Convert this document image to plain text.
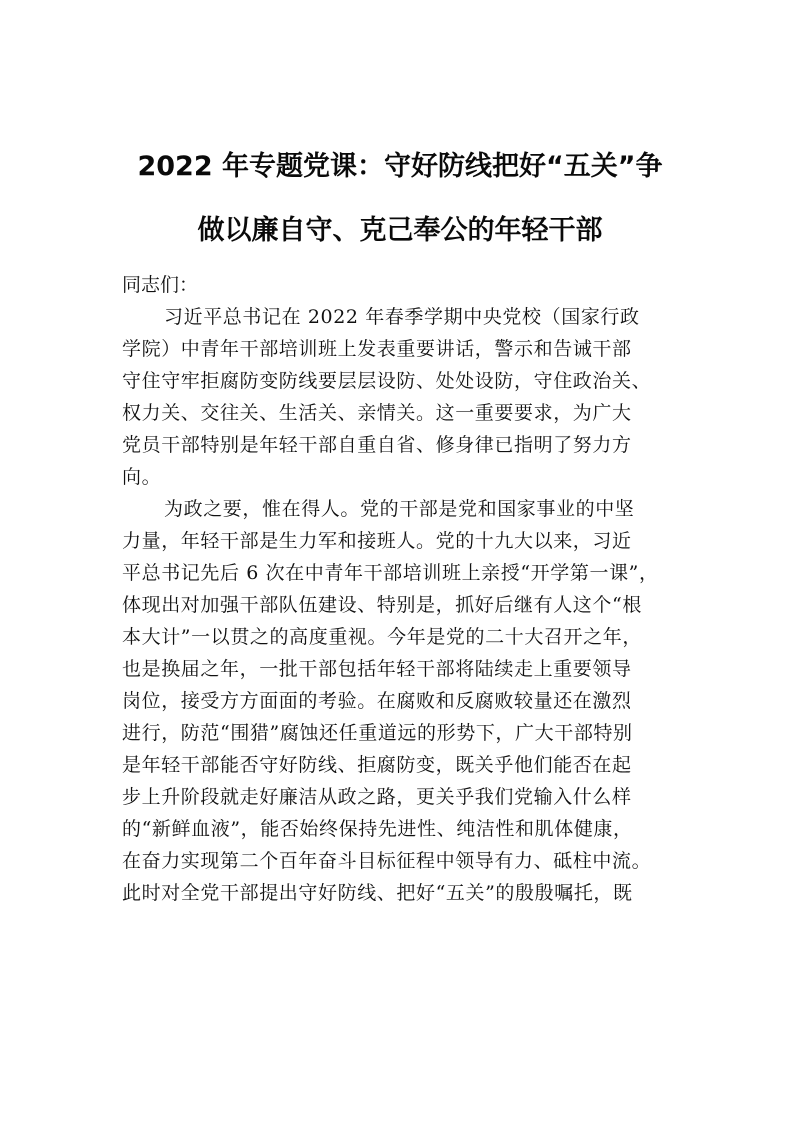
2022 年专题党课：守好防线把好“五关”争
做以廉自守、克己奉公的年轻干部
同志们：
习近平总书记在 2022 年春季学期中央党校（国家行政
学院）中青年干部培训班上发表重要讲话，警示和告诫干部
守住守牢拒腐防变防线要层层设防、处处设防，守住政治关、
权力关、交往关、生活关、亲情关。这一重要要求，为广大
党员干部特别是年轻干部自重自省、修身律已指明了努力方
向。
为政之要，惟在得人。党的干部是党和国家事业的中坚
力量，年轻干部是生力军和接班人。党的十九大以来，习近
平总书记先后 6 次在中青年干部培训班上亲授“开学第一课”，
体现出对加强干部队伍建设、特别是，抓好后继有人这个“根
本大计”一以贯之的高度重视。今年是党的二十大召开之年，
也是换届之年，一批干部包括年轻干部将陆续走上重要领导
岗位，接受方方面面的考验。在腐败和反腐败较量还在激烈
进行，防范“围猎”腐蚀还任重道远的形势下，广大干部特别
是年轻干部能否守好防线、拒腐防变，既关乎他们能否在起
步上升阶段就走好廉洁从政之路，更关乎我们党输入什么样
的“新鲜血液”，能否始终保持先进性、纯洁性和肌体健康，
在奋力实现第二个百年奋斗目标征程中领导有力、砥柱中流。
此时对全党干部提出守好防线、把好“五关”的殷殷嘱托，既
